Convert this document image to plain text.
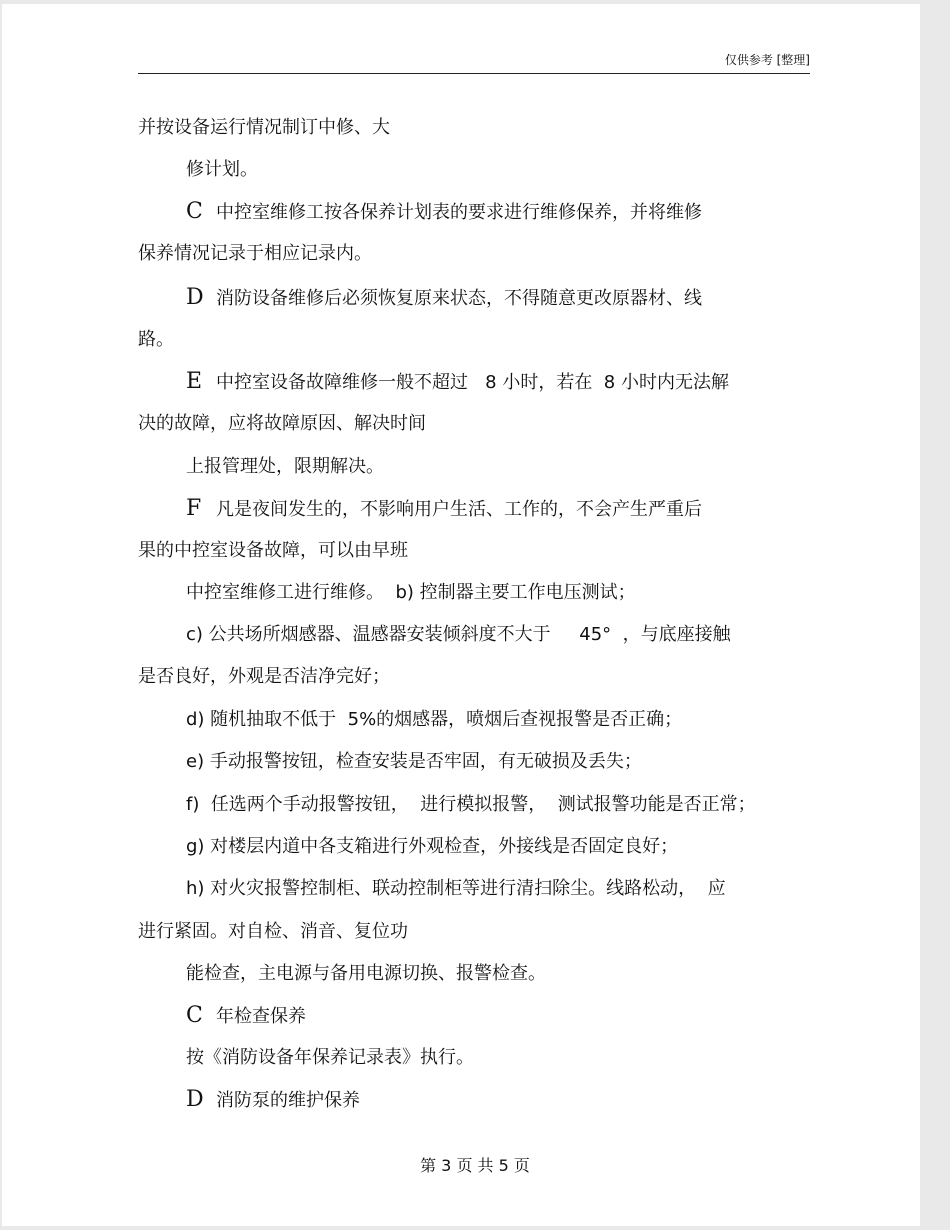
仅供参考 [整理]
并按设备运行情况制订中修、大
修计划。
C 中控室维修工按各保养计划表的要求进行维修保养，并将维修
保养情况记录于相应记录内。
D 消防设备维修后必须恢复原来状态，不得随意更改原器材、线
路。
E 中控室设备故障维修一般不超过   8 小时，若在  8 小时内无法解
决的故障，应将故障原因、解决时间
上报管理处，限期解决。
F 凡是夜间发生的，不影响用户生活、工作的，不会产生严重后
果的中控室设备故障，可以由早班
中控室维修工进行维修。  b) 控制器主要工作电压测试；
c) 公共场所烟感器、温感器安装倾斜度不大于     45°  ，与底座接触
是否良好，外观是否洁净完好；
d) 随机抽取不低于  5%的烟感器，喷烟后查视报警是否正确；
e) 手动报警按钮，检查安装是否牢固，有无破损及丢失；
f)  任选两个手动报警按钮，  进行模拟报警，  测试报警功能是否正常；
g) 对楼层内道中各支箱进行外观检查，外接线是否固定良好；
h) 对火灾报警控制柜、联动控制柜等进行清扫除尘。线路松动，  应
进行紧固。对自检、消音、复位功
能检查，主电源与备用电源切换、报警检查。
C 年检查保养
按《消防设备年保养记录表》执行。
D 消防泵的维护保养
第 3 页 共 5 页
